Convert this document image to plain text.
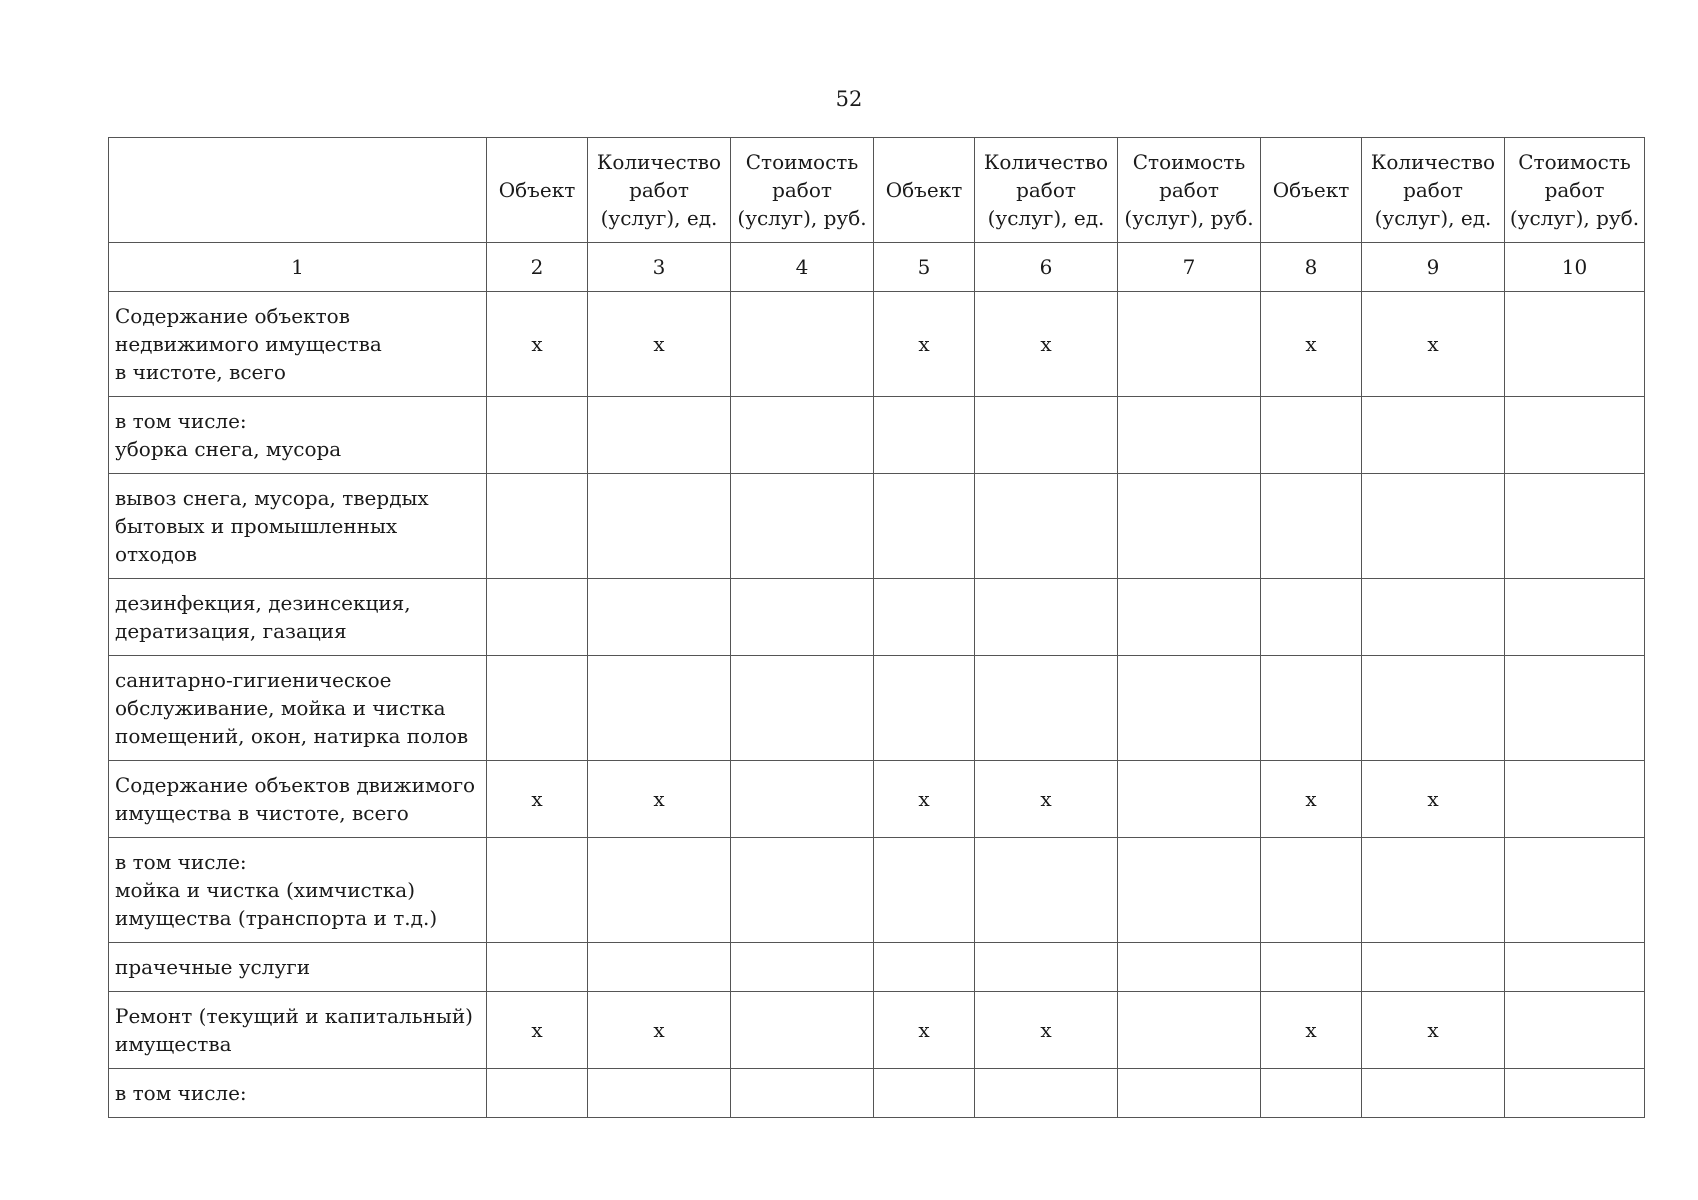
52

	Объект	Количество
работ
(услуг), ед.	Стоимость
работ
(услуг), руб.	Объект	Количество
работ
(услуг), ед.	Стоимость
работ
(услуг), руб.	Объект	Количество
работ
(услуг), ед.	Стоимость
работ
(услуг), руб.

1	2	3	4	5	6	7	8	9	10

Содержание объектов
недвижимого имущества
в чистоте, всего	x	x		x	x		x	x	

в том числе:
уборка снега, мусора									

вывоз снега, мусора, твердых
бытовых и промышленных
отходов									

дезинфекция, дезинсекция,
дератизация, газация									

санитарно-гигиеническое
обслуживание, мойка и чистка
помещений, окон, натирка полов									

Содержание объектов движимого
имущества в чистоте, всего	x	x		x	x		x	x	

в том числе:
мойка и чистка (химчистка)
имущества (транспорта и т.д.)									

прачечные услуги									

Ремонт (текущий и капитальный)
имущества	x	x		x	x		x	x	

в том числе:									
